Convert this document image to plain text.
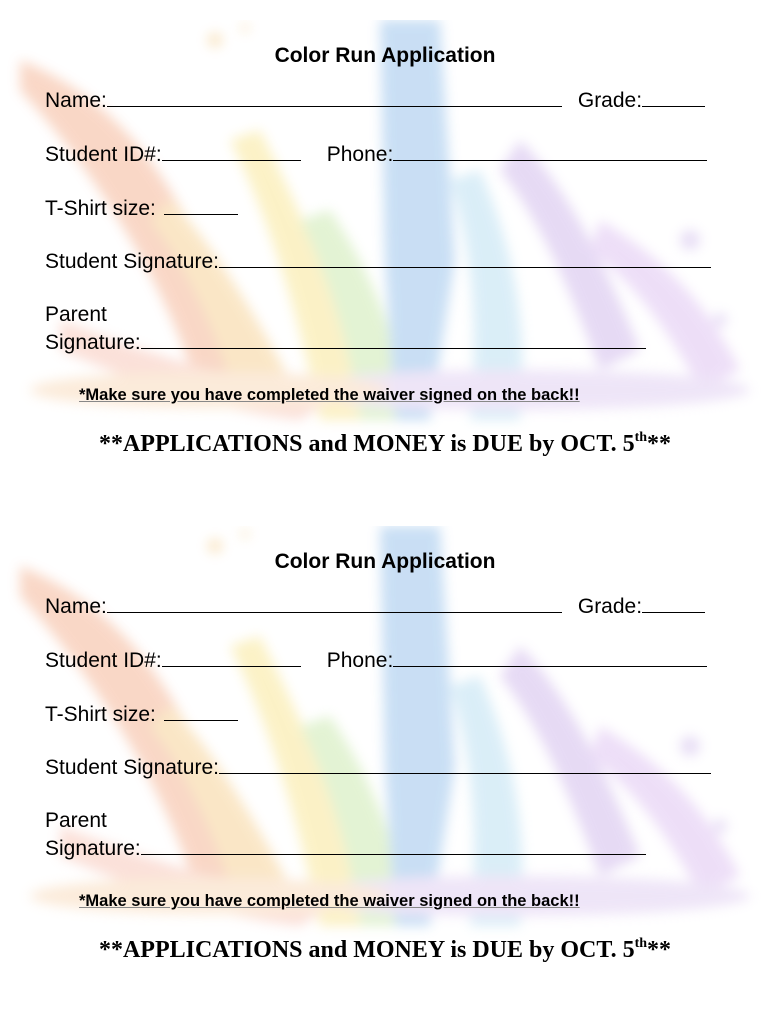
Color Run Application
Name:	Grade:
Student ID#:	Phone:
T-Shirt size:
Student Signature:
Parent
Signature:
*Make sure you have completed the waiver signed on the back!!
**APPLICATIONS and MONEY is DUE by OCT. 5th**
Color Run Application
Name:	Grade:
Student ID#:	Phone:
T-Shirt size:
Student Signature:
Parent
Signature:
*Make sure you have completed the waiver signed on the back!!
**APPLICATIONS and MONEY is DUE by OCT. 5th**
